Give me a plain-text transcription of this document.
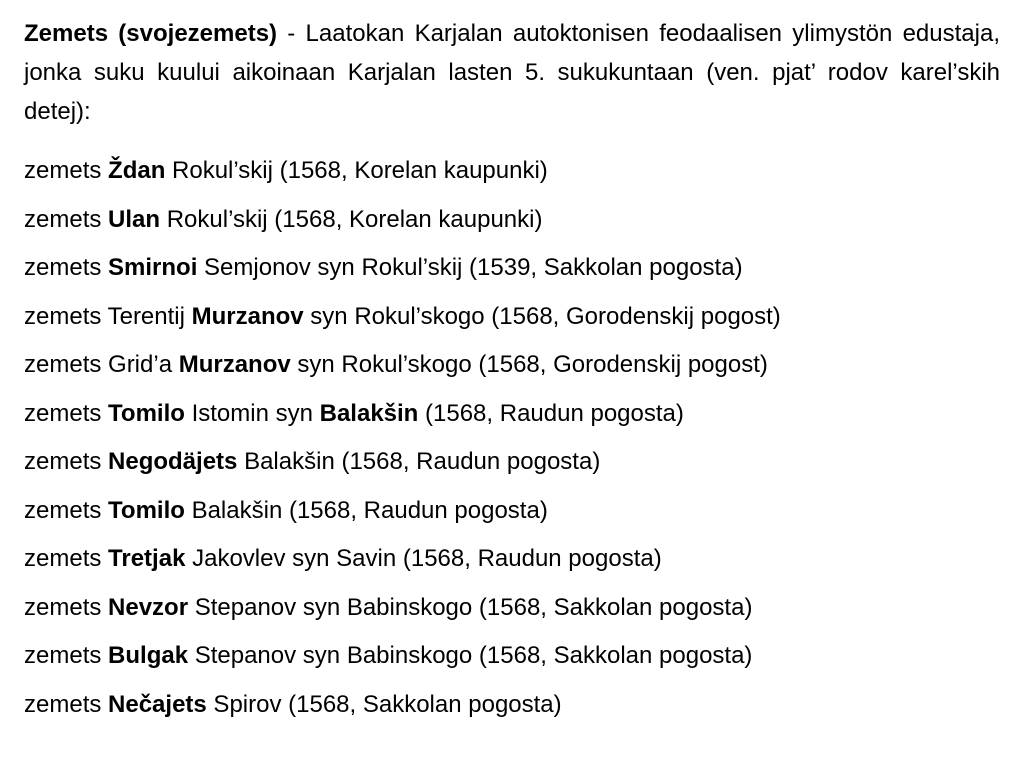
Zemets (svojezemets) - Laatokan Karjalan autoktonisen feodaalisen ylimystön edustaja, jonka suku kuului aikoinaan Karjalan lasten 5. sukukuntaan (ven. pjat’ rodov karel’skih detej):

zemets Ždan Rokul’skij (1568, Korelan kaupunki)
zemets Ulan Rokul’skij (1568, Korelan kaupunki)
zemets Smirnoi Semjonov syn Rokul’skij (1539, Sakkolan pogosta)
zemets Terentij Murzanov syn Rokul’skogo (1568, Gorodenskij pogost)
zemets Grid’a Murzanov syn Rokul’skogo (1568, Gorodenskij pogost)
zemets Tomilo Istomin syn Balakšin (1568, Raudun pogosta)
zemets Negodäjets Balakšin (1568, Raudun pogosta)
zemets Tomilo Balakšin (1568, Raudun pogosta)
zemets Tretjak Jakovlev syn Savin (1568, Raudun pogosta)
zemets Nevzor Stepanov syn Babinskogo (1568, Sakkolan pogosta)
zemets Bulgak Stepanov syn Babinskogo (1568, Sakkolan pogosta)
zemets Nečajets Spirov (1568, Sakkolan pogosta)
